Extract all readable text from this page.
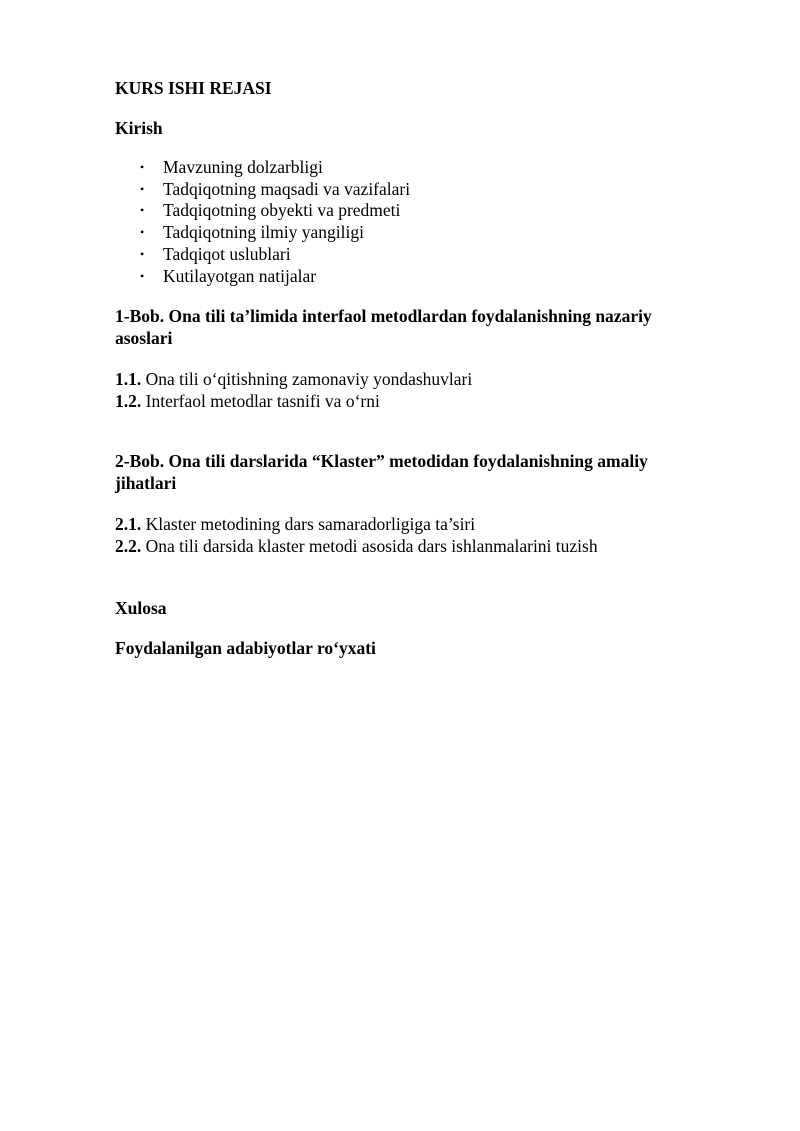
KURS ISHI REJASI
Kirish
• Mavzuning dolzarbligi
• Tadqiqotning maqsadi va vazifalari
• Tadqiqotning obyekti va predmeti
• Tadqiqotning ilmiy yangiligi
• Tadqiqot uslublari
• Kutilayotgan natijalar
1-Bob. Ona tili ta’limida interfaol metodlardan foydalanishning nazariy asoslari
1.1. Ona tili o‘qitishning zamonaviy yondashuvlari
1.2. Interfaol metodlar tasnifi va o‘rni
2-Bob. Ona tili darslarida “Klaster” metodidan foydalanishning amaliy jihatlari
2.1. Klaster metodining dars samaradorligiga ta’siri
2.2. Ona tili darsida klaster metodi asosida dars ishlanmalarini tuzish
Xulosa
Foydalanilgan adabiyotlar ro‘yxati
